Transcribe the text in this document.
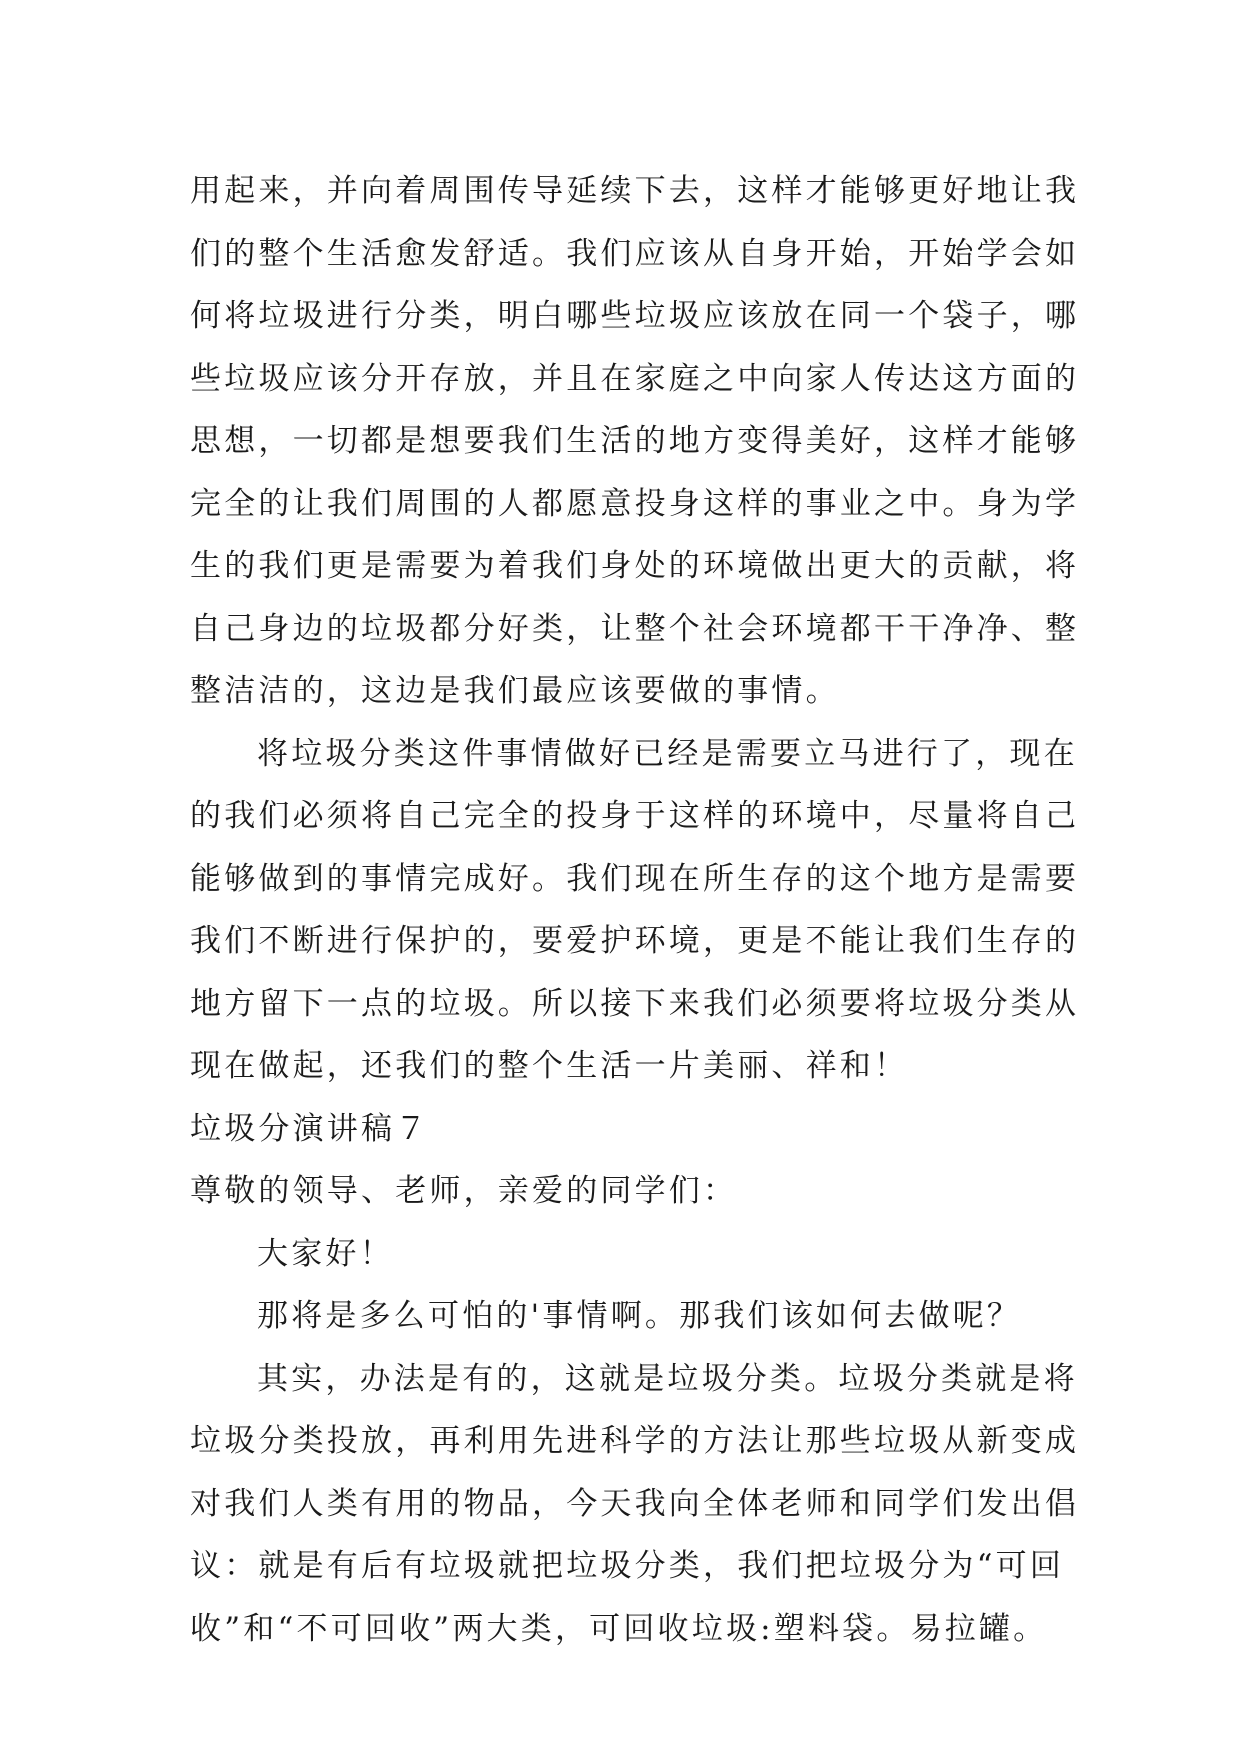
用起来，并向着周围传导延续下去，这样才能够更好地让我
们的整个生活愈发舒适。我们应该从自身开始，开始学会如
何将垃圾进行分类，明白哪些垃圾应该放在同一个袋子，哪
些垃圾应该分开存放，并且在家庭之中向家人传达这方面的
思想，一切都是想要我们生活的地方变得美好，这样才能够
完全的让我们周围的人都愿意投身这样的事业之中。身为学
生的我们更是需要为着我们身处的环境做出更大的贡献，将
自己身边的垃圾都分好类，让整个社会环境都干干净净、整
整洁洁的，这边是我们最应该要做的事情。
将垃圾分类这件事情做好已经是需要立马进行了，现在
的我们必须将自己完全的投身于这样的环境中，尽量将自己
能够做到的事情完成好。我们现在所生存的这个地方是需要
我们不断进行保护的，要爱护环境，更是不能让我们生存的
地方留下一点的垃圾。所以接下来我们必须要将垃圾分类从
现在做起，还我们的整个生活一片美丽、祥和！
垃圾分演讲稿７
尊敬的领导、老师，亲爱的同学们：
大家好！
那将是多么可怕的'事情啊。那我们该如何去做呢？
其实，办法是有的，这就是垃圾分类。垃圾分类就是将
垃圾分类投放，再利用先进科学的方法让那些垃圾从新变成
对我们人类有用的物品，今天我向全体老师和同学们发出倡
议：就是有后有垃圾就把垃圾分类，我们把垃圾分为“可回
收”和“不可回收”两大类，可回收垃圾:塑料袋。易拉罐。
